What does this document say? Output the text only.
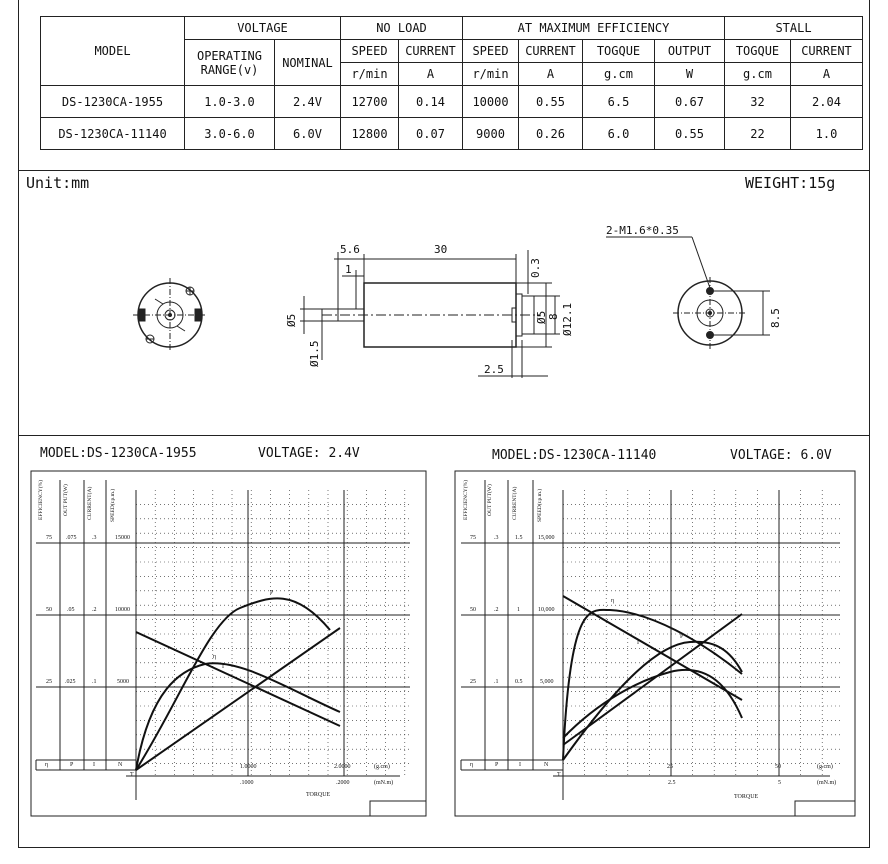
MODEL	VOLTAGE		NO LOAD		AT MAXIMUM EFFICIENCY				STALL	
	OPERATING
RANGE(v)	NOMINAL	SPEED	CURRENT	SPEED	CURRENT	TOGQUE	OUTPUT	TOGQUE	CURRENT
			r/min	A	r/min	A	g.cm	W	g.cm	A
DS-1230CA-1955	1.0-3.0	2.4V	12700	0.14	10000	0.55	6.5	0.67	32	2.04
DS-1230CA-11140	3.0-6.0	6.0V	12800	0.07	9000	0.26	6.0	0.55	22	1.0
Unit:mm	WEIGHT:15g
5.6	30
1	0.3
Ø5
Ø1.5
Ø5 8 Ø12.1
2.5
2-M1.6*0.35
8.5
MODEL:DS-1230CA-1955	VOLTAGE: 2.4V	MODEL:DS-1230CA-11140	VOLTAGE: 6.0V
EFFICIENCY(%)	OUT PUT(W)	CURRENT(A)	SPEED(r.p.m.)
75 .075	.3	15000
50	.05	.2	10000
25 .025	.1	5000
η	P	I	N
T
1.0000	2.0000	(g.cm)
.1000	.2000	(mN.m)
TORQUE
P
η
I
EFFICIENCY(%)	OUT PUT(W)	CURRENT(A)	SPEED(r.p.m.)
75	.3	1.5	15,000
50	.2	1	10,000
25	.1	0.5	5,000
η	P	I	N
T
25	50	(g.cm)
2.5	5	(mN.m)
TORQUE
P
η
I
